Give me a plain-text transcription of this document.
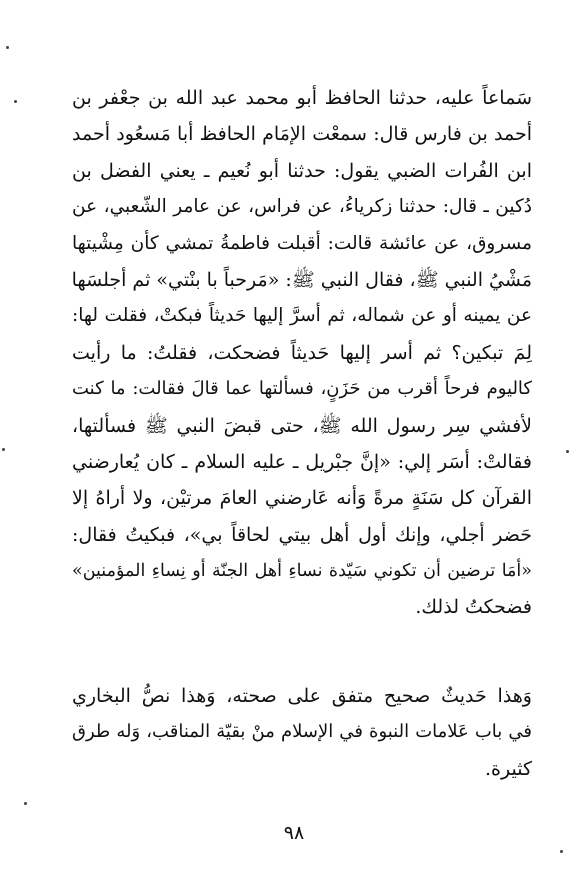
سَماعاً عليه، حدثنا الحافظ أبو محمد عبد الله بن جعْفر بن
أحمد بن فارس قال: سمعْت الإمَام الحافظ أبا مَسعُود أحمد
ابن الفُرات الضبي يقول: حدثنا أبو نُعيم ـ يعني الفضل بن
دُكين ـ قال: حدثنا زكرياءُ، عن فراس، عن عامر الشّعبي، عن
مسروق، عن عائشة قالت: أقبلت فاطمةُ تمشي كأن مِشْيتها
مَشْيُ النبي ﷺ، فقال النبي ﷺ: «مَرحباً با بنْتي» ثم أجلسَها
عن يمينه أو عن شماله، ثم أسرَّ إليها حَديثاً فبكتْ، فقلت لها:
لِمَ تبكين؟ ثم أسر إليها حَديثاً فضحكت، فقلتُ: ما رأيت
كاليوم فرحاً أقرب من حَزَنٍ، فسألتها عما قالَ فقالت: ما كنت
لأفشي سِر رسول الله ﷺ، حتى قبضَ النبي ﷺ فسألتها،
فقالتْ: أسَر إلي: «إنَّ جبْريل ـ عليه السلام ـ كان يُعارضني
القرآن كل سَنَةٍ مرةً وَأنه عَارضني العامَ مرتيْن، ولا أراهُ إلا
حَضر أجلي، وإنك أول أهل بيتي لحاقاً بي»، فبكيتُ فقال:
«أمَا ترضين أن تكوني سَيّدة نساءِ أهل الجنّة أو نِساءِ المؤمنين»
فضحكتُ لذلك.
وَهذا حَديثٌ صحيح متفق على صحته، وَهذا نصُّ البخاري
في باب عَلامات النبوة في الإسلام منْ بقيّة المناقب، وَله طرق
كثيرة.
٩٨
